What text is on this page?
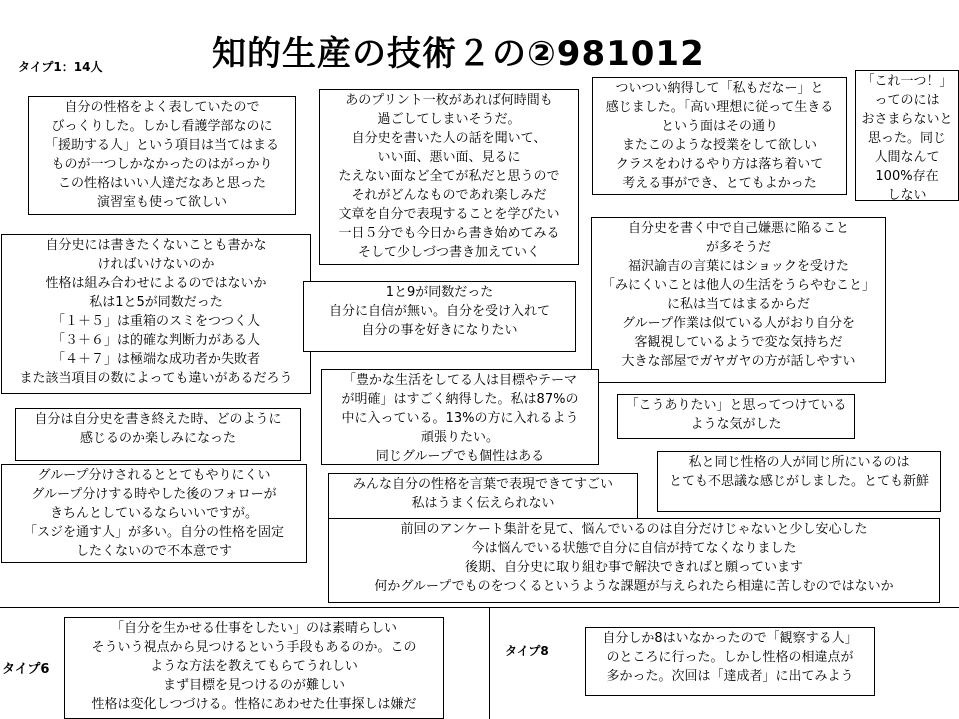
知的生産の技術２の②981012
タイプ1：14人
タイプ6
タイプ8
自分の性格をよく表していたので
びっくりした。しかし看護学部なのに
「援助する人」という項目は当てはまる
ものが一つしかなかったのはがっかり
この性格はいい人達だなあと思った
演習室も使って欲しい
あのプリント一枚があれば何時間も
過ごしてしまいそうだ。
自分史を書いた人の話を聞いて、
いい面、悪い面、見るに
たえない面など全てが私だと思うので
それがどんなものであれ楽しみだ
文章を自分で表現することを学びたい
一日５分でも今日から書き始めてみる
そして少しづつ書き加えていく
ついつい納得して「私もだなー」と
感じました。「高い理想に従って生きる
という面はその通り
またこのような授業をして欲しい
クラスをわけるやり方は落ち着いて
考える事ができ、とてもよかった
「これ一つ！」
ってのには
おさまらないと
思った。同じ
人間なんて
100%存在
しない
自分史には書きたくないことも書かな
ければいけないのか
性格は組み合わせによるのではないか
私は1と5が同数だった
「１＋５」は重箱のスミをつつく人
「３＋６」は的確な判断力がある人
「４＋７」は極端な成功者か失敗者
また該当項目の数によっても違いがあるだろう
1と9が同数だった
自分に自信が無い。自分を受け入れて
自分の事を好きになりたい
自分史を書く中で自己嫌悪に陥ること
が多そうだ
福沢諭吉の言葉にはショックを受けた
「みにくいことは他人の生活をうらやむこと」
に私は当てはまるからだ
グループ作業は似ている人がおり自分を
客観視しているようで変な気持ちだ
大きな部屋でガヤガヤの方が話しやすい
「豊かな生活をしてる人は目標やテーマ
が明確」はすごく納得した。私は87%の
中に入っている。13%の方に入れるよう
頑張りたい。
同じグループでも個性はある
「こうありたい」と思ってつけている
ような気がした
自分は自分史を書き終えた時、どのように
感じるのか楽しみになった
私と同じ性格の人が同じ所にいるのは
とても不思議な感じがしました。とても新鮮
グループ分けされるととてもやりにくい
グループ分けする時やした後のフォローが
きちんとしているならいいですが。
「スジを通す人」が多い。自分の性格を固定
したくないので不本意です
みんな自分の性格を言葉で表現できてすごい
私はうまく伝えられない
前回のアンケート集計を見て、悩んでいるのは自分だけじゃないと少し安心した
今は悩んでいる状態で自分に自信が持てなくなりました
後期、自分史に取り組む事で解決できればと願っています
何かグループでものをつくるというような課題が与えられたら相違に苦しむのではないか
「自分を生かせる仕事をしたい」のは素晴らしい
そういう視点から見つけるという手段もあるのか。この
ような方法を教えてもらてうれしい
まず目標を見つけるのが難しい
性格は変化しつづける。性格にあわせた仕事探しは嫌だ
自分しか8はいなかったので「観察する人」
のところに行った。しかし性格の相違点が
多かった。次回は「達成者」に出てみよう
